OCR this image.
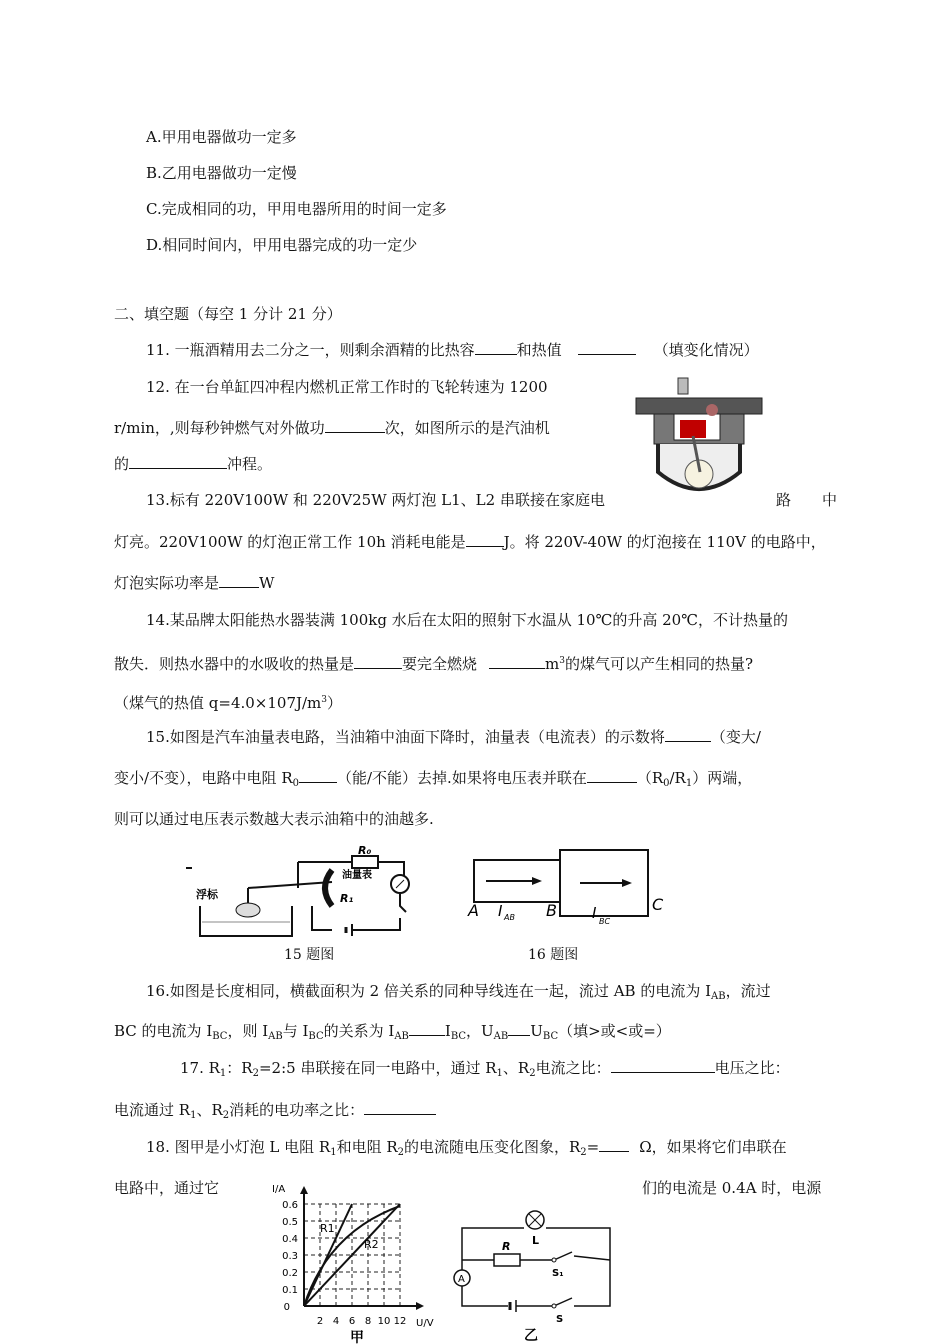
A.甲用电器做功一定多
B.乙用电器做功一定慢
C.完成相同的功，甲用电器所用的时间一定多
D.相同时间内，甲用电器完成的功一定少
二、填空题（每空 1 分计 21 分）
11. 一瓶酒精用去二分之一，则剩余酒精的比热容	和热值	（填变化情况）
12. 在一台单缸四冲程内燃机正常工作时的飞轮转速为 1200
r/min，,则每秒钟燃气对外做功	次，如图所示的是汽油机
的	冲程。
13.标有 220V100W 和 220V25W 两灯泡 L1、L2 串联接在家庭电	路 中
灯亮。220V100W 的灯泡正常工作 10h 消耗电能是	J。将 220V-40W 的灯泡接在 110V 的电路中，
灯泡实际功率是	W
14.某品牌太阳能热水器装满 100kg 水后在太阳的照射下水温从 10℃的升高 20℃，不计热量的
散失．则热水器中的水吸收的热量是	要完全燃烧	$m^3$的煤气可以产生相同的热量?
（煤气的热值 $q=4.0\times 107J/m^3$）
15.如图是汽车油量表电路，当油箱中油面下降时，油量表（电流表）的示数将	（变大/
变小/不变），电路中电阻 $R_0$	（能/不能）去掉.如果将电压表并联在	$(R_0/R_1)$两端，
则可以通过电压表示数越大表示油箱中的油越多.
浮标
R₀
油量表
R₁
15 题图
A I AB B I BC
C
16 题图
16.如图是长度相同，横截面积为 2 倍关系的同种导线连在一起，流过 AB 的电流为 $I_{AB}$，流过
BC 的电流为 $I_{BC}$，则 $I_{AB}$与 $I_{BC}$的关系为 $I_{AB}$ $I_{BC}$，$U_{AB}$ $U_{BC}$（填>或<或=）
17. $R_1$：$R_2=2:5$ 串联接在同一电路中，通过 $R_1$、$R_2$电流之比：	电压之比：
电流通过 $R_1$、$R_2$消耗的电功率之比：
18. 图甲是小灯泡 L 电阻 $R_1$和电阻 $R_2$的电流随电压变化图象，$R_2=$	Ω，如果将它们串联在
电路中，通过它	们的电流是 0.4A 时，电源
I/A
U/V
0.6
0.5
0.4
0.3
0.2
0.1
0
2 4 6 8 10 12
R1
R2
甲
A
L
R
S₁
S
乙
